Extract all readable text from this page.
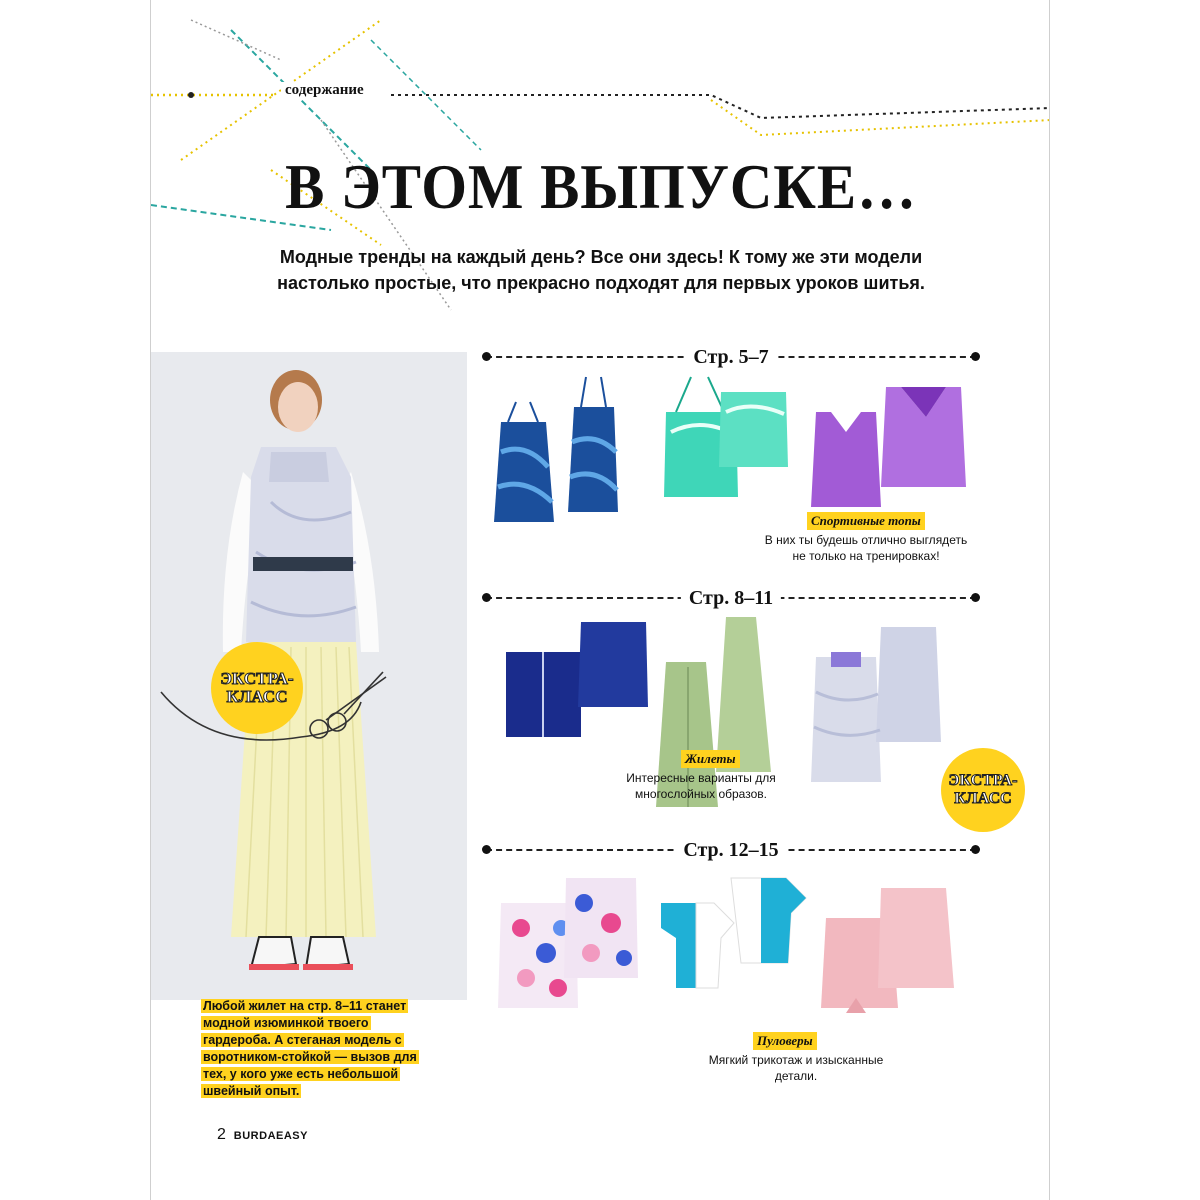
содержание
В ЭТОМ ВЫПУСКЕ…
Модные тренды на каждый день? Все они здесь! К тому же эти модели настолько простые, что прекрасно подходят для первых уроков шитья.
ЭКСТРА-
КЛАСС
Любой жилет на стр. 8–11 станет модной изюминкой твоего гардероба. А стеганая модель с воротником-стойкой — вызов для тех, у кого уже есть небольшой швейный опыт.
Стр. 5–7
Спортивные топы
В них ты будешь отлично выглядеть не только на тренировках!
Стр. 8–11
Жилеты
Интересные варианты для многослойных образов.
ЭКСТРА-
КЛАСС
Стр. 12–15
Пуловеры
Мягкий трикотаж и изысканные детали.
2 BURDAEASY
